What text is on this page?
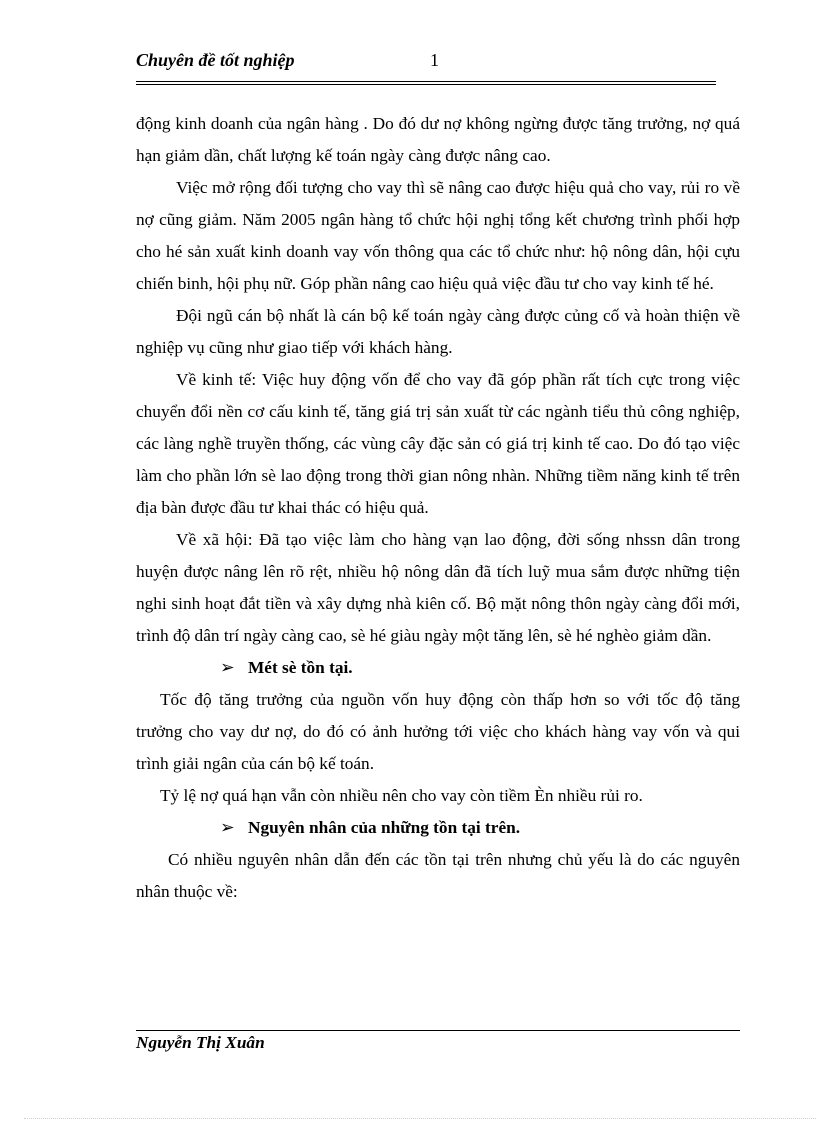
Chuyên đề tốt nghiệp	1

động kinh doanh của ngân hàng . Do đó dư nợ không ngừng được tăng trưởng, nợ quá hạn giảm dần, chất lượng kế toán ngày càng được nâng cao.

Việc mở rộng đối tượng cho vay thì sẽ nâng cao được hiệu quả cho vay, rủi ro về nợ cũng giảm. Năm 2005 ngân hàng tổ chức hội nghị tổng kết chương trình phối hợp cho hé sản xuất kinh doanh vay vốn thông qua các tổ chức như: hộ nông dân, hội cựu chiến binh, hội phụ nữ. Góp phần nâng cao hiệu quả việc đầu tư cho vay kinh tế hé.

Đội ngũ cán bộ nhất là cán bộ kế toán ngày càng được củng cố và hoàn thiện về nghiệp vụ cũng như giao tiếp với khách hàng.

Về kinh tế: Việc huy động vốn để cho vay đã góp phần rất tích cực trong việc chuyển đổi nền cơ cấu kinh tế, tăng giá trị sản xuất từ các ngành tiểu thủ công nghiệp, các làng nghề truyền thống, các vùng cây đặc sản có giá trị kinh tế cao. Do đó tạo việc làm cho phần lớn sè lao động trong thời gian nông nhàn. Những tiềm năng kinh tế trên địa bàn được đầu tư khai thác có hiệu quả.

Về xã hội: Đã tạo việc làm cho hàng vạn lao động, đời sống nhssn dân trong huyện được nâng lên rõ rệt, nhiều hộ nông dân đã tích luỹ mua sắm được những tiện nghi sinh hoạt đắt tiền và xây dựng nhà kiên cố. Bộ mặt nông thôn ngày càng đổi mới, trình độ dân trí ngày càng cao, sè hé giàu ngày một tăng lên, sè hé nghèo giảm dần.

➢ Mét sè tồn tại.

Tốc độ tăng trưởng của nguồn vốn huy động còn thấp hơn so với tốc độ tăng trưởng cho vay dư nợ, do đó có ảnh hưởng tới việc cho khách hàng vay vốn và qui trình giải ngân của cán bộ kế toán.

Tỷ lệ nợ quá hạn vẫn còn nhiều nên cho vay còn tiềm Èn nhiều rủi ro.

➢ Nguyên nhân của những tồn tại trên.

Có nhiều nguyên nhân dẫn đến các tồn tại trên nhưng chủ yếu là do các nguyên nhân thuộc về:

Nguyễn Thị Xuân
